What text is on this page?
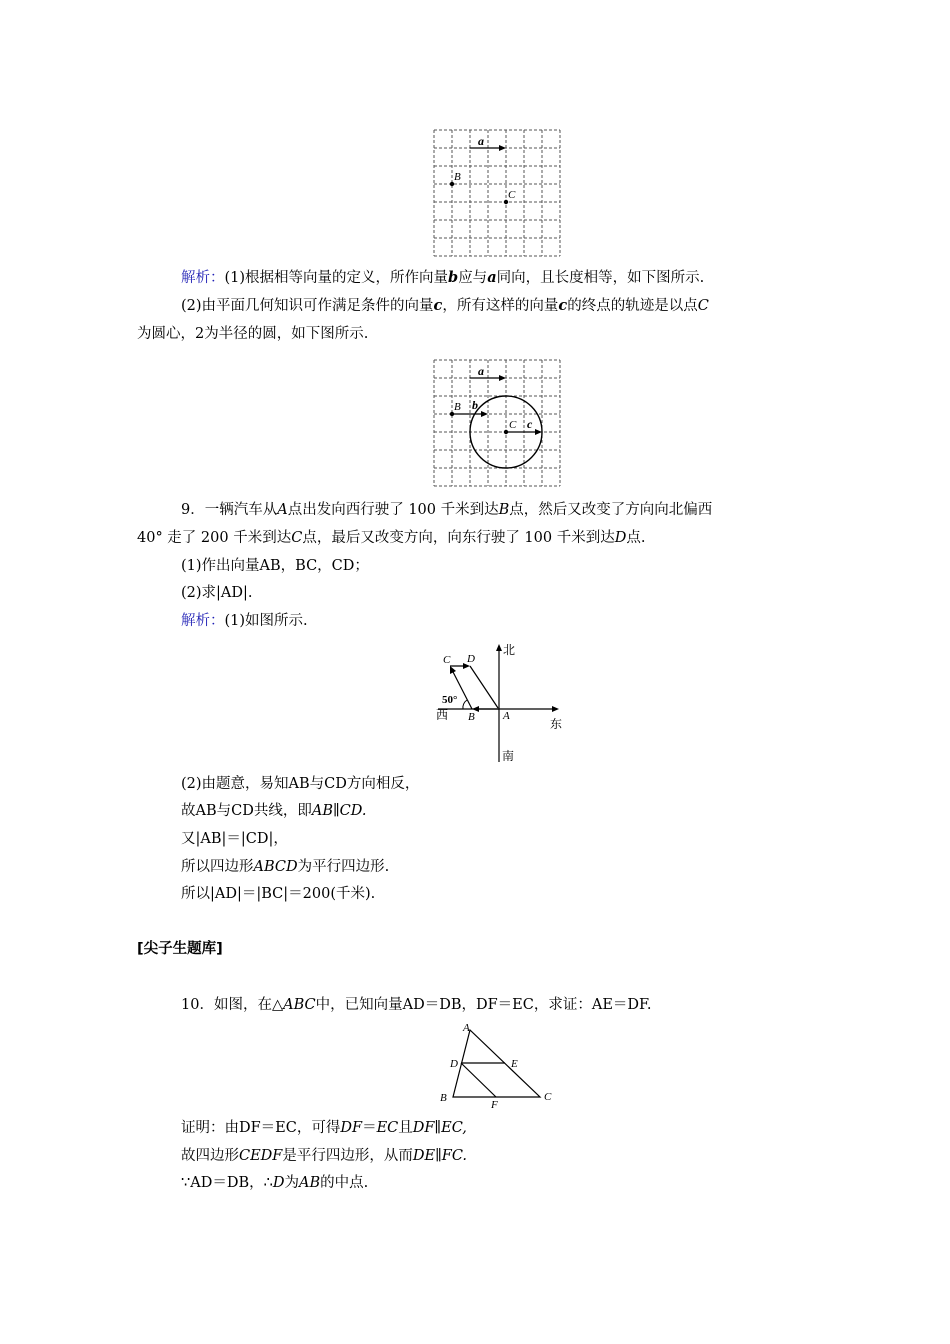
a
B
C
解析：(1)根据相等向量的定义，所作向量b应与a同向，且长度相等，如下图所示.
(2)由平面几何知识可作满足条件的向量c，所有这样的向量c的终点的轨迹是以点C
为圆心，2为半径的圆，如下图所示.
a
B b
C c
9．一辆汽车从A点出发向西行驶了 100 千米到达B点，然后又改变了方向向北偏西
40° 走了 200 千米到达C点，最后又改变方向，向东行驶了 100 千米到达D点.
(1)作出向量AB，BC，CD；
(2)求|AD|.
解析：(1)如图所示.
北
南
东
西
50°
C D
B	A
(2)由题意，易知AB与CD方向相反，
故AB与CD共线，即AB∥CD.
又|AB|＝|CD|，
所以四边形ABCD为平行四边形.
所以|AD|＝|BC|＝200(千米).
[尖子生题库]
10．如图，在△ABC中，已知向量AD＝DB，DF＝EC，求证：AE＝DF.
A
D	E
B
F
C
证明：由DF＝EC，可得DF＝EC且DF∥EC,
故四边形CEDF是平行四边形，从而DE∥FC.
∵AD＝DB，∴D为AB的中点.
